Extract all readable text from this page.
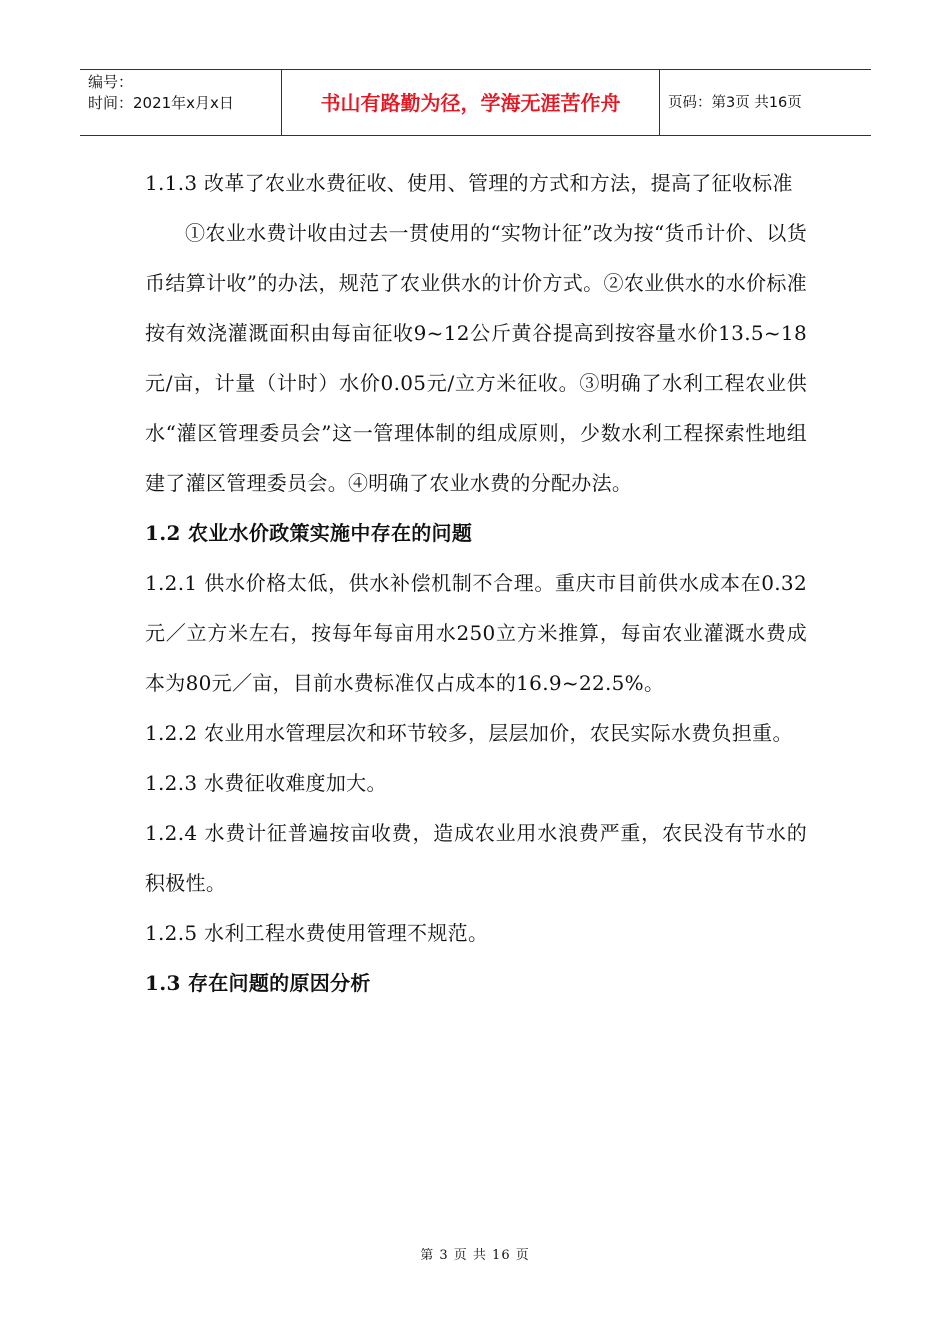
编号：
时间：2021年x月x日	书山有路勤为径，学海无涯苦作舟	页码：第3页 共16页

1.1.3 改革了农业水费征收、使用、管理的方式和方法，提高了征收标准

①农业水费计收由过去一贯使用的“实物计征”改为按“货币计价、以货币结算计收”的办法，规范了农业供水的计价方式。②农业供水的水价标准按有效浇灌溉面积由每亩征收9~12公斤黄谷提高到按容量水价13.5~18元/亩，计量（计时）水价0.05元/立方米征收。③明确了水利工程农业供水“灌区管理委员会”这一管理体制的组成原则，少数水利工程探索性地组建了灌区管理委员会。④明确了农业水费的分配办法。

1.2 农业水价政策实施中存在的问题

1.2.1 供水价格太低，供水补偿机制不合理。重庆市目前供水成本在0.32元／立方米左右，按每年每亩用水250立方米推算，每亩农业灌溉水费成本为80元／亩，目前水费标准仅占成本的16.9~22.5%。

1.2.2 农业用水管理层次和环节较多，层层加价，农民实际水费负担重。

1.2.3 水费征收难度加大。

1.2.4 水费计征普遍按亩收费，造成农业用水浪费严重，农民没有节水的积极性。

1.2.5 水利工程水费使用管理不规范。

1.3 存在问题的原因分析

第 3 页 共 16 页
